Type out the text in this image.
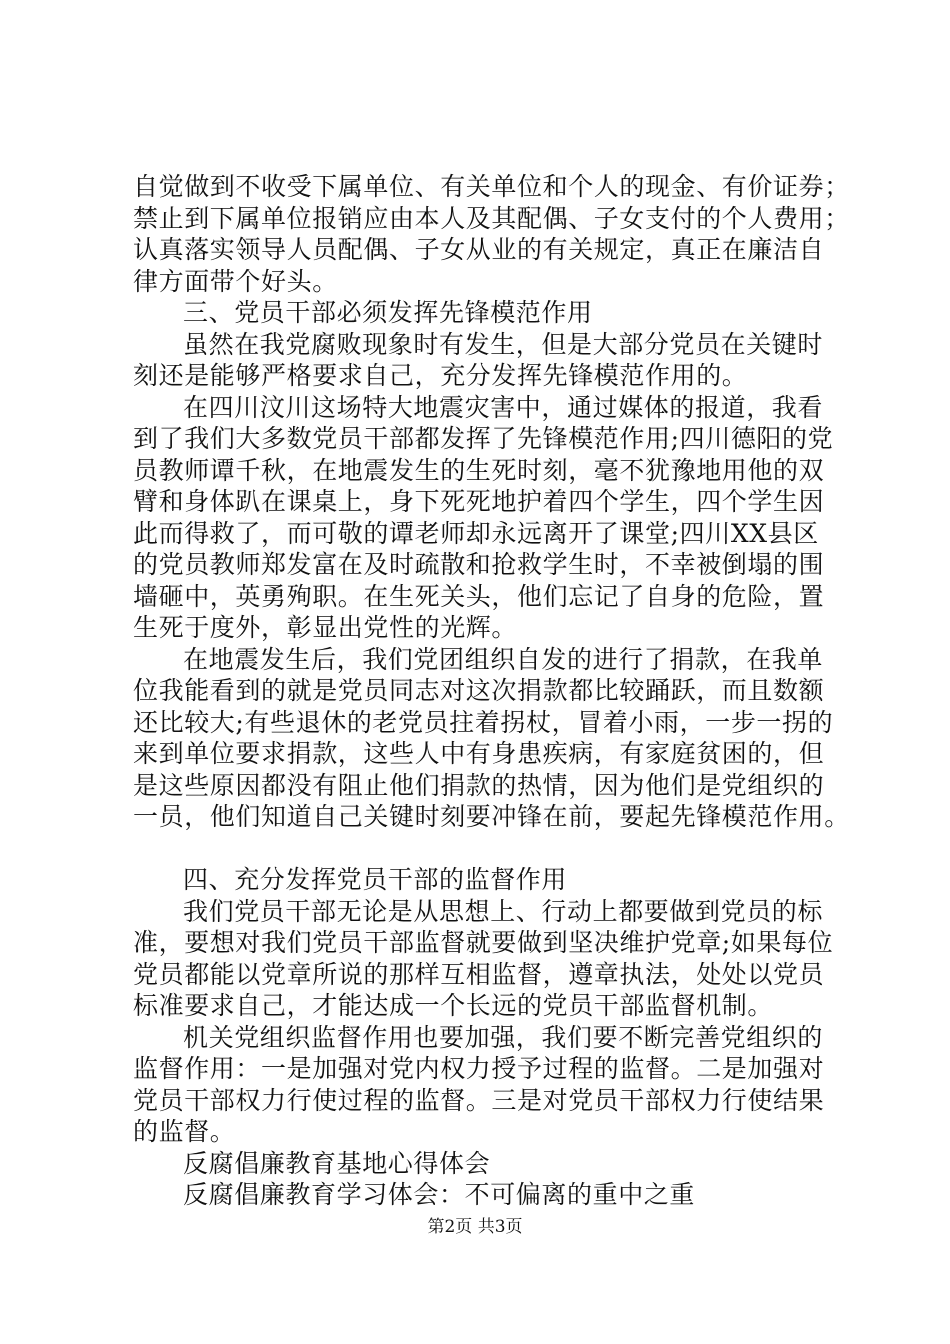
自觉做到不收受下属单位、有关单位和个人的现金、有价证券；
禁止到下属单位报销应由本人及其配偶、子女支付的个人费用；
认真落实领导人员配偶、子女从业的有关规定，真正在廉洁自
律方面带个好头。
三、党员干部必须发挥先锋模范作用
虽然在我党腐败现象时有发生，但是大部分党员在关键时
刻还是能够严格要求自己，充分发挥先锋模范作用的。
在四川汶川这场特大地震灾害中，通过媒体的报道，我看
到了我们大多数党员干部都发挥了先锋模范作用;四川德阳的党
员教师谭千秋，在地震发生的生死时刻，毫不犹豫地用他的双
臂和身体趴在课桌上，身下死死地护着四个学生，四个学生因
此而得救了，而可敬的谭老师却永远离开了课堂;四川XX县区
的党员教师郑发富在及时疏散和抢救学生时，不幸被倒塌的围
墙砸中，英勇殉职。在生死关头，他们忘记了自身的危险，置
生死于度外，彰显出党性的光辉。
在地震发生后，我们党团组织自发的进行了捐款，在我单
位我能看到的就是党员同志对这次捐款都比较踊跃，而且数额
还比较大;有些退休的老党员拄着拐杖，冒着小雨，一步一拐的
来到单位要求捐款，这些人中有身患疾病，有家庭贫困的，但
是这些原因都没有阻止他们捐款的热情，因为他们是党组织的
一员，他们知道自己关键时刻要冲锋在前，要起先锋模范作用。
四、充分发挥党员干部的监督作用
我们党员干部无论是从思想上、行动上都要做到党员的标
准，要想对我们党员干部监督就要做到坚决维护党章;如果每位
党员都能以党章所说的那样互相监督，遵章执法，处处以党员
标准要求自己，才能达成一个长远的党员干部监督机制。
机关党组织监督作用也要加强，我们要不断完善党组织的
监督作用：一是加强对党内权力授予过程的监督。二是加强对
党员干部权力行使过程的监督。三是对党员干部权力行使结果
的监督。
反腐倡廉教育基地心得体会
反腐倡廉教育学习体会：不可偏离的重中之重
第2页 共3页
